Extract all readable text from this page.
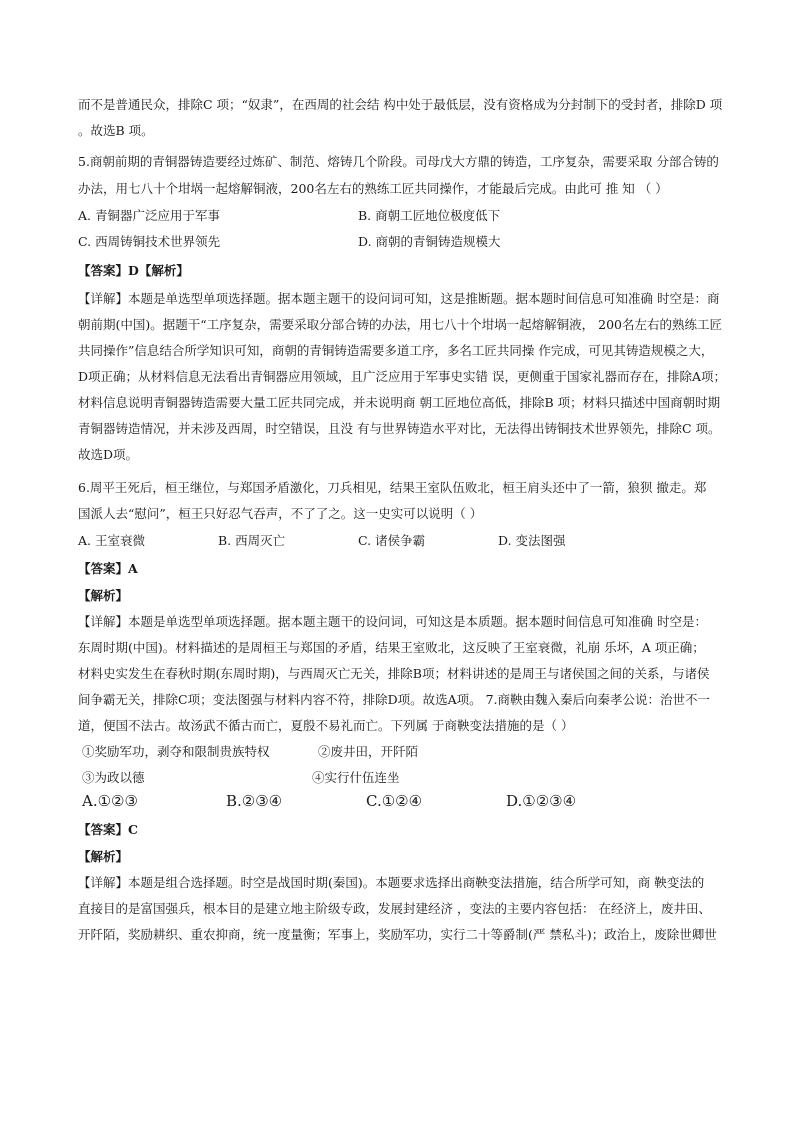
而不是普通民众，排除C 项；“奴隶”，在西周的社会结 构中处于最低层，没有资格成为分封制下的受封者，排除D 项
。故选B 项。
5.商朝前期的青铜器铸造要经过炼矿、制范、熔铸几个阶段。司母戊大方鼎的铸造，工序复杂，需要采取 分部合铸的
办法，用七八十个坩埚一起熔解铜液，200名左右的熟练工匠共同操作，才能最后完成。由此可 推 知 （ ）
A. 青铜器广泛应用于军事	B. 商朝工匠地位极度低下
C. 西周铸铜技术世界领先	D. 商朝的青铜铸造规模大
【答案】D【解析】
【详解】本题是单选型单项选择题。据本题主题干的设问词可知，这是推断题。据本题时间信息可知准确 时空是：商
朝前期(中国)。据题干“工序复杂，需要采取分部合铸的办法，用七八十个坩埚一起熔解铜液， 200名左右的熟练工匠
共同操作”信息结合所学知识可知，商朝的青铜铸造需要多道工序，多名工匠共同操 作完成，可见其铸造规模之大，
D项正确；从材料信息无法看出青铜器应用领域，且广泛应用于军事史实错 误，更侧重于国家礼器而存在，排除A项；
材料信息说明青铜器铸造需要大量工匠共同完成，并未说明商 朝工匠地位高低，排除B 项；材料只描述中国商朝时期
青铜器铸造情况，并未涉及西周，时空错误，且没 有与世界铸造水平对比，无法得出铸铜技术世界领先，排除C 项。
故选D项。
6.周平王死后，桓王继位，与郑国矛盾激化，刀兵相见，结果王室队伍败北，桓王肩头还中了一箭，狼狈 撤走。郑
国派人去“慰问”，桓王只好忍气吞声，不了了之。这一史实可以说明（ ）
A. 王室衰微	B. 西周灭亡	C. 诸侯争霸	D. 变法图强
【答案】A
【解析】
【详解】本题是单选型单项选择题。据本题主题干的设问词，可知这是本质题。据本题时间信息可知准确 时空是：
东周时期(中国)。材料描述的是周桓王与郑国的矛盾，结果王室败北，这反映了王室衰微，礼崩 乐坏，A 项正确；
材料史实发生在春秋时期(东周时期)，与西周灭亡无关，排除B项；材料讲述的是周王与诸侯国之间的关系，与诸侯
间争霸无关，排除C项；变法图强与材料内容不符，排除D项。故选A项。 7.商鞅由魏入秦后向秦孝公说：治世不一
道，便国不法古。故汤武不循古而亡，夏殷不易礼而亡。下列属 于商鞅变法措施的是（ ）
①奖励军功，剥夺和限制贵族特权	②废井田，开阡陌
③为政以德	④实行什伍连坐
A.①②③	B.②③④	C.①②④	D.①②③④
【答案】C
【解析】
【详解】本题是组合选择题。时空是战国时期(秦国)。本题要求选择出商鞅变法措施，结合所学可知，商 鞅变法的
直接目的是富国强兵，根本目的是建立地主阶级专政，发展封建经济 ，变法的主要内容包括： 在经济上，废井田、
开阡陌，奖励耕织、重农抑商，统一度量衡；军事上，奖励军功，实行二十等爵制(严 禁私斗)；政治上，废除世卿世
